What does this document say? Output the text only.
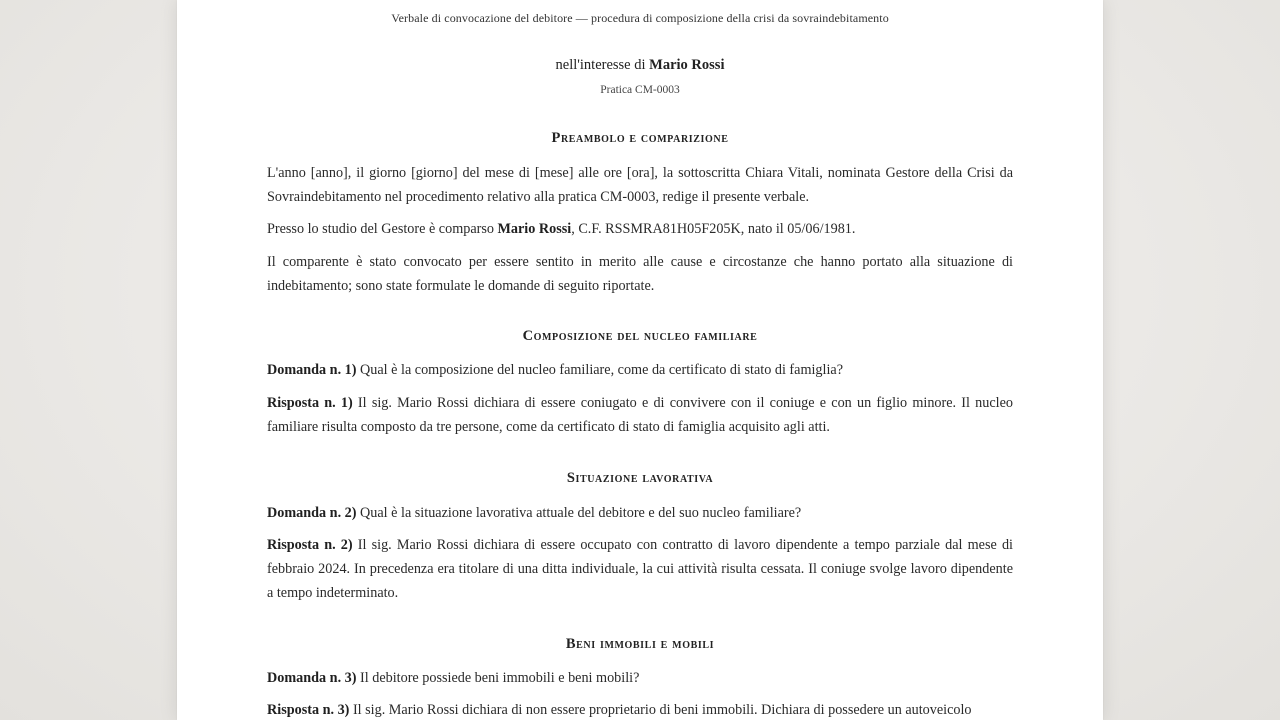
Verbale di convocazione del debitore — procedura di composizione della crisi da sovraindebitamento
nell'interesse di Mario Rossi
Pratica CM-0003
Preambolo e comparizione
L'anno [anno], il giorno [giorno] del mese di [mese] alle ore [ora], la sottoscritta Chiara Vitali, nominata Gestore della Crisi da Sovraindebitamento nel procedimento relativo alla pratica CM-0003, redige il presente verbale.
Presso lo studio del Gestore è comparso Mario Rossi, C.F. RSSMRA81H05F205K, nato il 05/06/1981.
Il comparente è stato convocato per essere sentito in merito alle cause e circostanze che hanno portato alla situazione di indebitamento; sono state formulate le domande di seguito riportate.
Composizione del nucleo familiare
Domanda n. 1) Qual è la composizione del nucleo familiare, come da certificato di stato di famiglia?
Risposta n. 1) Il sig. Mario Rossi dichiara di essere coniugato e di convivere con il coniuge e con un figlio minore. Il nucleo familiare risulta composto da tre persone, come da certificato di stato di famiglia acquisito agli atti.
Situazione lavorativa
Domanda n. 2) Qual è la situazione lavorativa attuale del debitore e del suo nucleo familiare?
Risposta n. 2) Il sig. Mario Rossi dichiara di essere occupato con contratto di lavoro dipendente a tempo parziale dal mese di febbraio 2024. In precedenza era titolare di una ditta individuale, la cui attività risulta cessata. Il coniuge svolge lavoro dipendente a tempo indeterminato.
Beni immobili e mobili
Domanda n. 3) Il debitore possiede beni immobili e beni mobili?
Risposta n. 3) Il sig. Mario Rossi dichiara di non essere proprietario di beni immobili. Dichiara di possedere un autoveicolo
